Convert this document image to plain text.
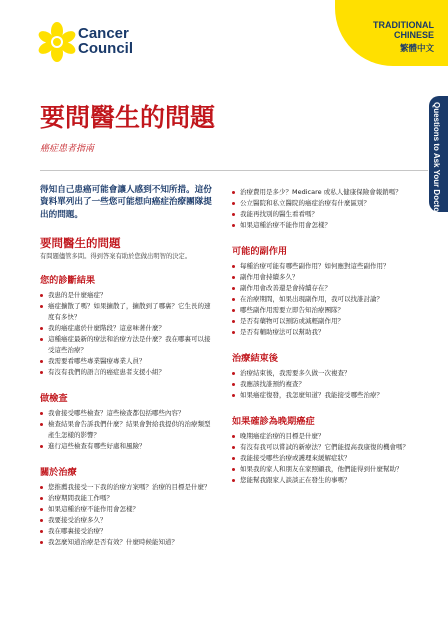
Cancer
Council
TRADITIONAL
CHINESE
繁體中文
Questions to Ask Your Doctor
要問醫生的問題
癌症患者指南

得知自己患癌可能會讓人感到不知所措。這份資料單列出了一些您可能想向癌症治療團隊提出的問題。

要問醫生的問題

有問題儘管多問。得到答案有助於您做出明智的決定。

您的診斷結果
我患的是什麼癌症？
癌症擴散了嗎？如果擴散了，擴散到了哪裏？它生長的速度有多快？
我的癌症處於什麼階段？這意味著什麼？
這種癌症最新的療法和治療方法是什麼？我在哪裏可以接受這些治療？
我需要看哪些專業醫療專業人員？
有沒有我們的語言的癌症患者支援小組？
做檢查
我會接受哪些檢查？這些檢查都包括哪些內容？
檢查結果會告訴我們什麼？結果會對給我提供的治療類型產生怎樣的影響？
進行這些檢查有哪些好處和風險？
關於治療
您推薦我接受一下我的治療方案嗎？治療的目標是什麼？
治療期間我能工作嗎？
如果這種治療不能作用會怎樣？
我要接受治療多久？
我在哪裏接受治療？
我怎麼知道治療是否有效？什麼時候能知道？
治療費用是多少？Medicare 或私人健康保險會報銷嗎？
公立醫院和私立醫院的癌症治療有什麼區別？
我能再找別的醫生看看嗎？
如果這種治療不能作用會怎樣？
可能的副作用
每種治療可能有哪些副作用？如何應對這些副作用？
副作用會持續多久？
副作用會改善還是會持續存在？
在治療期間，如果出現副作用，我可以找誰討論？
哪些副作用需要立即告知治療團隊？
是否有藥物可以預防或減輕副作用？
是否有輔助療法可以幫助我？
治療結束後
治療結束後，我需要多久做一次複查？
我應該找誰預約複查？
如果癌症復發，我怎麼知道？我能接受哪些治療？
如果確診為晚期癌症
晚期癌症治療的目標是什麼？
有沒有我可以嘗試的新療法？它們能提高我康復的機會嗎？
我能接受哪些治療或護理來緩解症狀？
如果我的家人和朋友在家照顧我，他們能得到什麼幫助？
您能幫我跟家人談談正在發生的事嗎？
